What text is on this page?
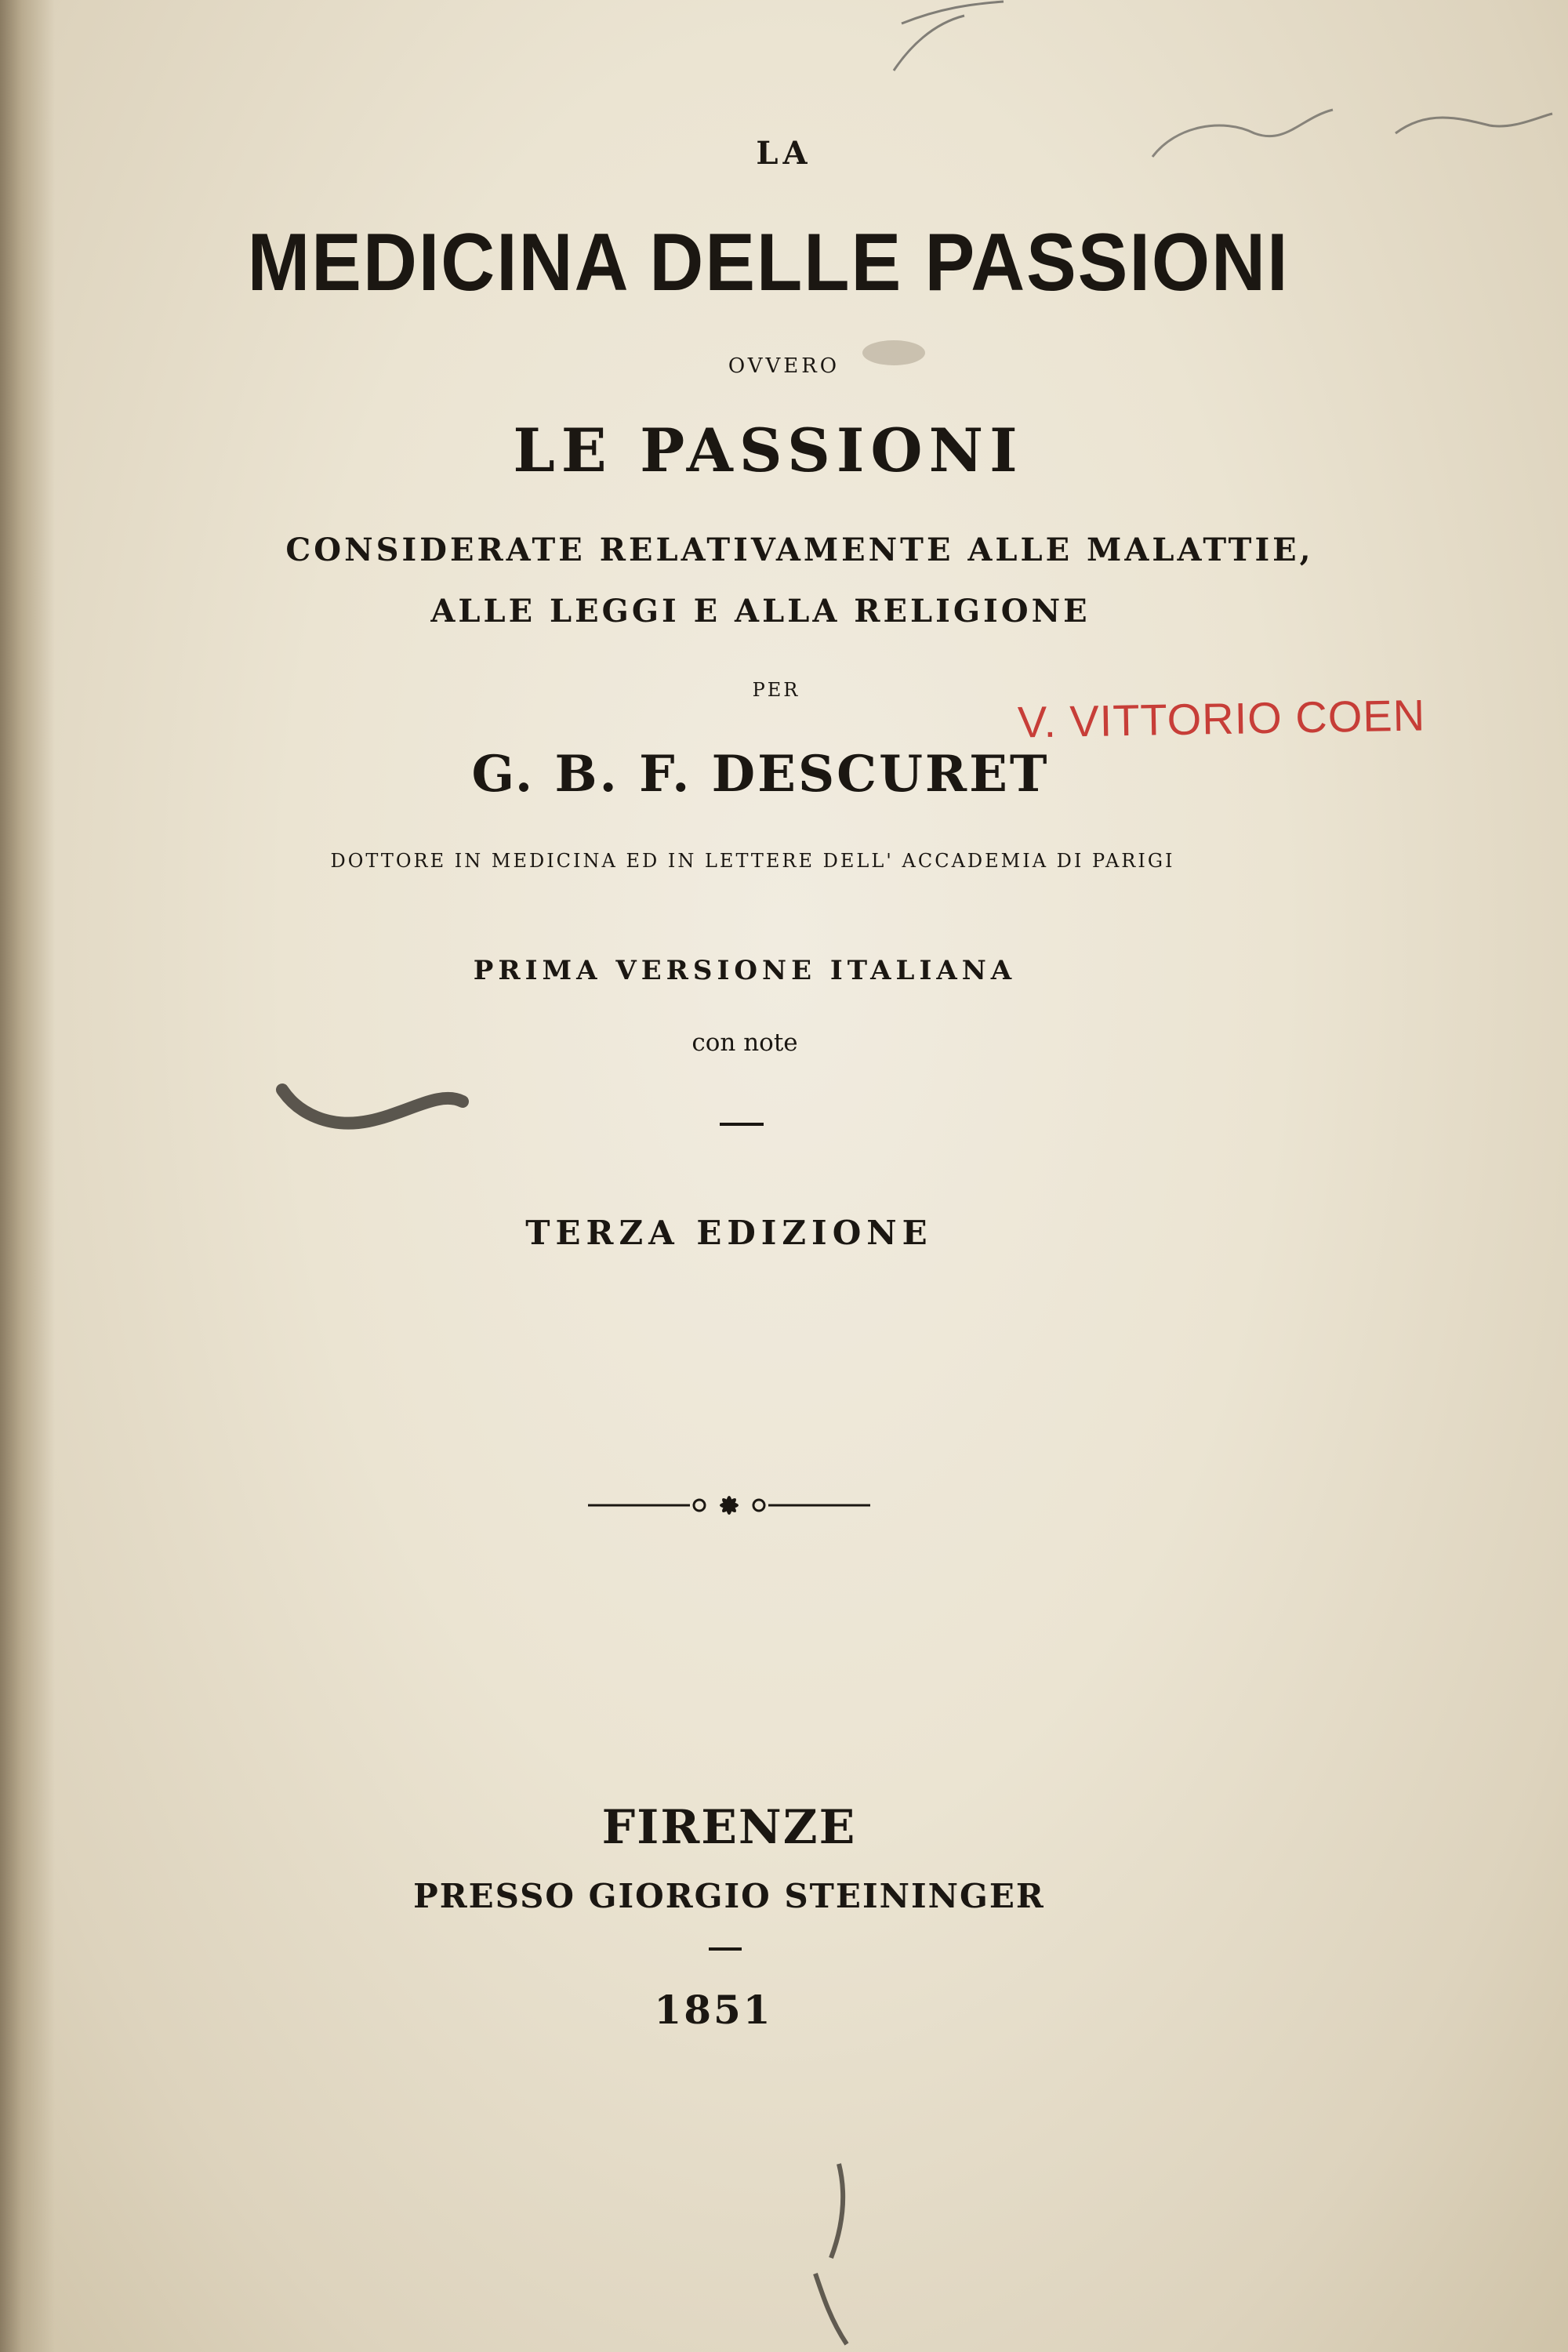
LA
MEDICINA DELLE PASSIONI
OVVERO
LE PASSIONI
CONSIDERATE RELATIVAMENTE ALLE MALATTIE,
ALLE LEGGI E ALLA RELIGIONE
PER
G. B. F. DESCURET
DOTTORE IN MEDICINA ED IN LETTERE DELL' ACCADEMIA DI PARIGI
PRIMA VERSIONE ITALIANA
con note
TERZA EDIZIONE
FIRENZE
PRESSO GIORGIO STEININGER
1851
V. VITTORIO COEN
